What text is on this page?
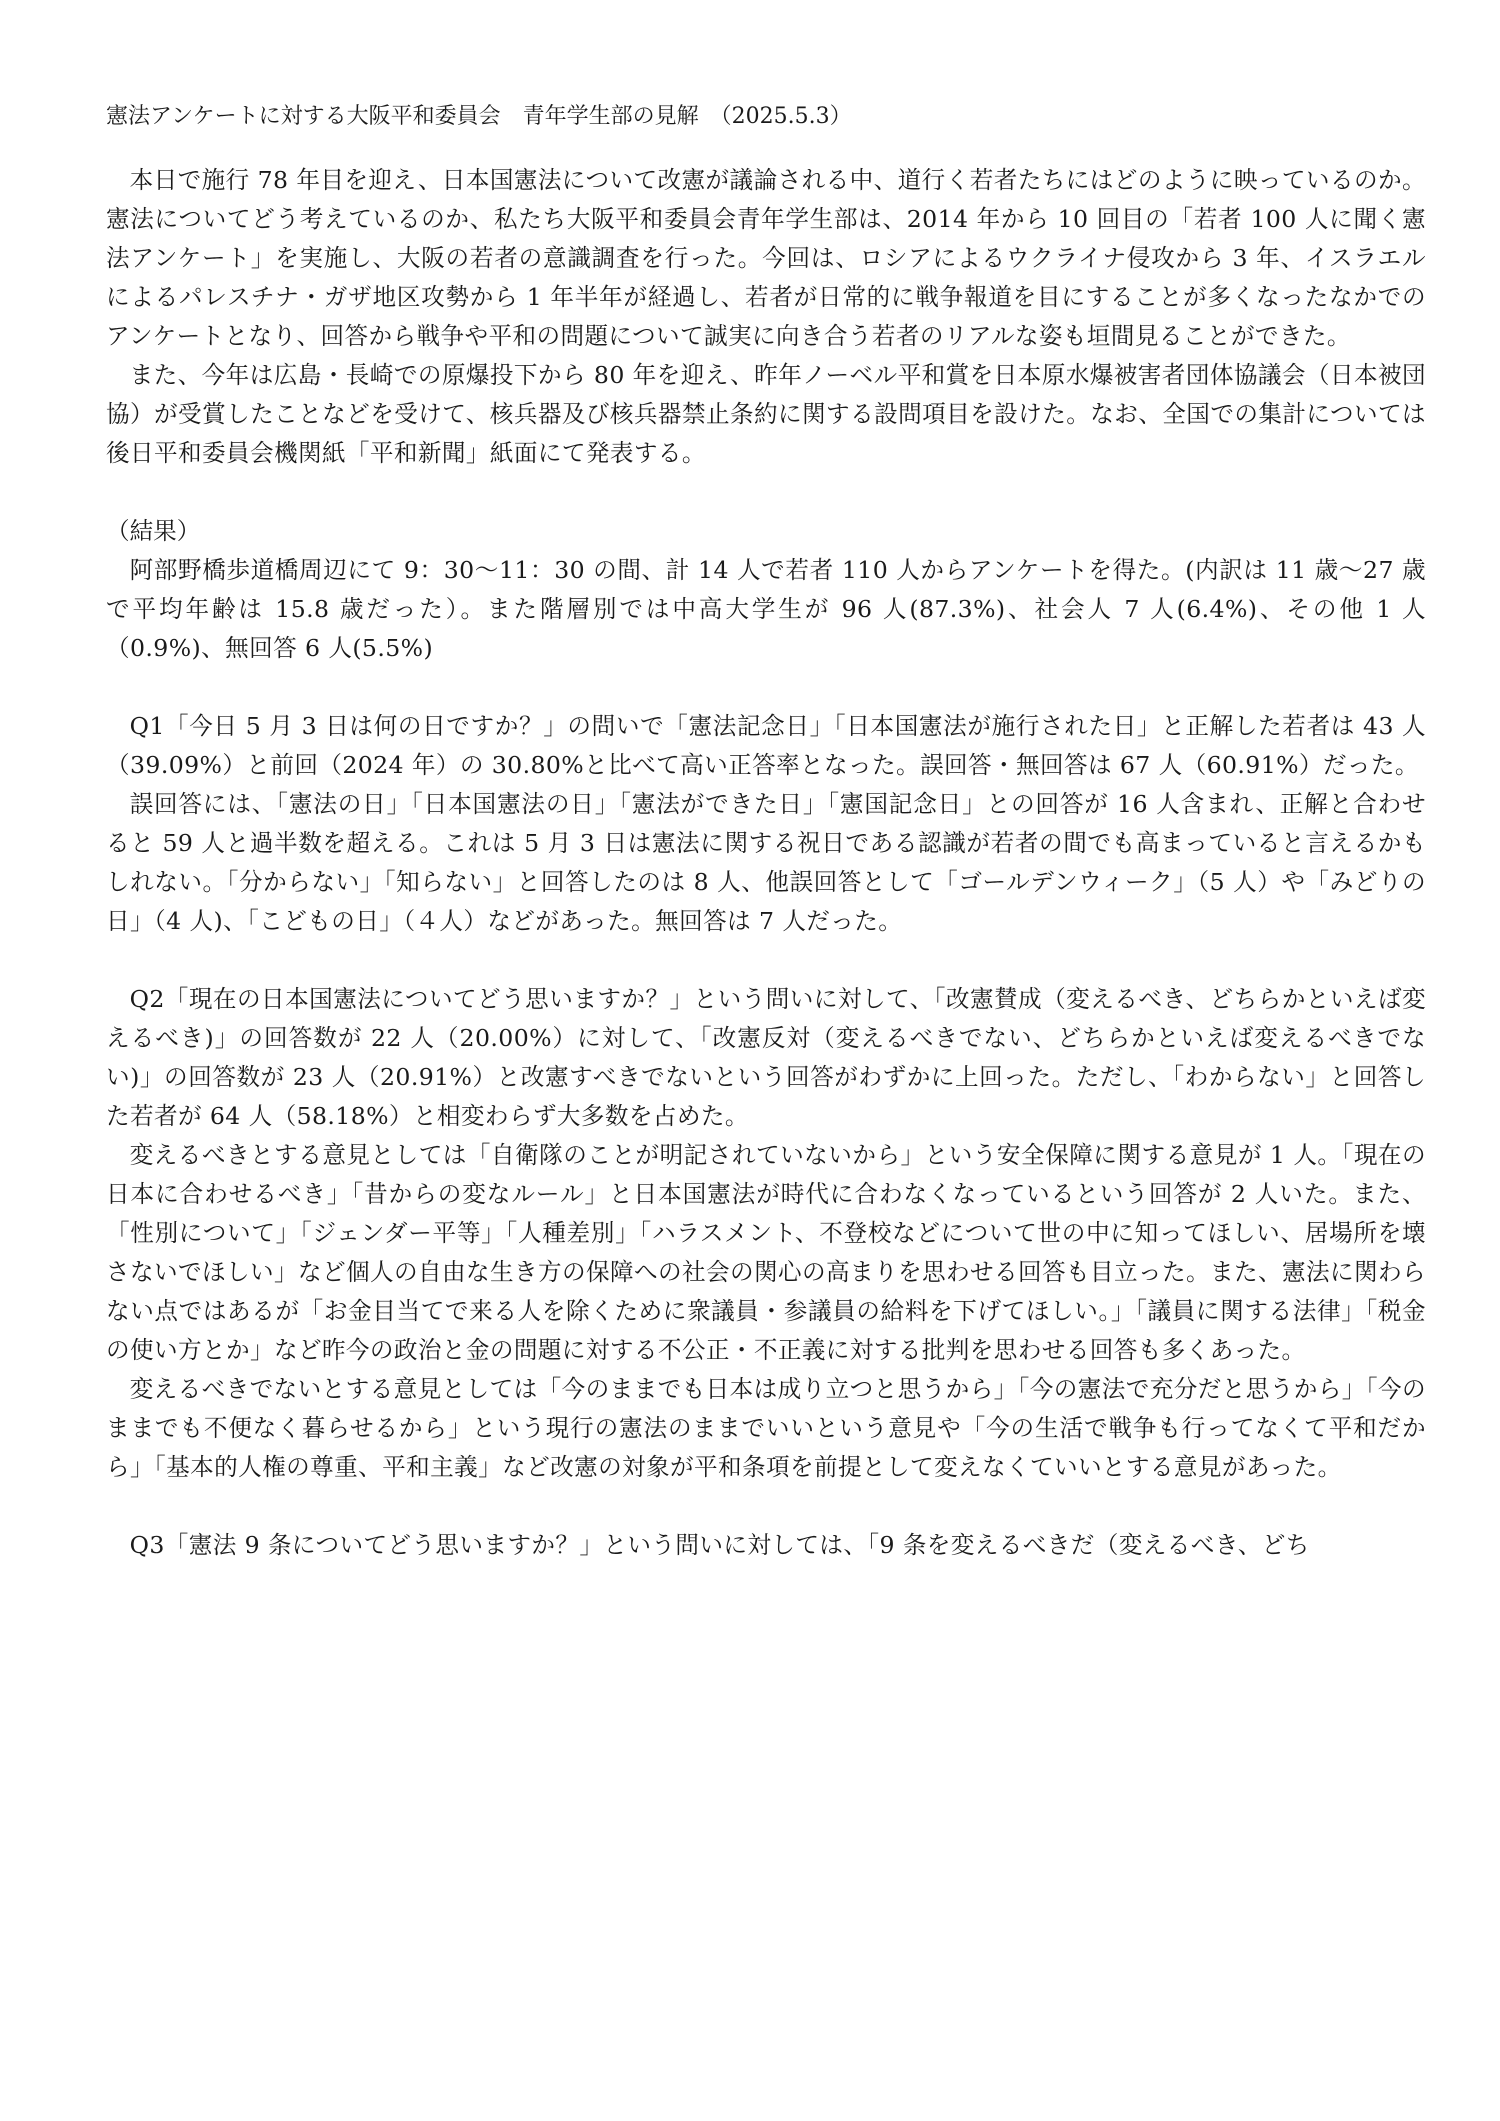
憲法アンケートに対する大阪平和委員会　青年学生部の見解　（2025.5.3）

本日で施行 78 年目を迎え、日本国憲法について改憲が議論される中、道行く若者たちにはどのように映っているのか。憲法についてどう考えているのか、私たち大阪平和委員会青年学生部は、2014 年から 10 回目の「若者 100 人に聞く憲法アンケート」を実施し、大阪の若者の意識調査を行った。今回は、ロシアによるウクライナ侵攻から 3 年、イスラエルによるパレスチナ・ガザ地区攻勢から 1 年半年が経過し、若者が日常的に戦争報道を目にすることが多くなったなかでのアンケートとなり、回答から戦争や平和の問題について誠実に向き合う若者のリアルな姿も垣間見ることができた。

また、今年は広島・長崎での原爆投下から 80 年を迎え、昨年ノーベル平和賞を日本原水爆被害者団体協議会（日本被団協）が受賞したことなどを受けて、核兵器及び核兵器禁止条約に関する設問項目を設けた。なお、全国での集計については後日平和委員会機関紙「平和新聞」紙面にて発表する。

（結果）

阿部野橋歩道橋周辺にて 9：30〜11：30 の間、計 14 人で若者 110 人からアンケートを得た。(内訳は 11 歳〜27 歳で平均年齢は 15.8 歳だった）。また階層別では中高大学生が 96 人(87.3%)、社会人 7 人(6.4%)、その他 1 人（0.9%)、無回答 6 人(5.5%)

Q1「今日 5 月 3 日は何の日ですか？」の問いで「憲法記念日」「日本国憲法が施行された日」と正解した若者は 43 人（39.09%）と前回（2024 年）の 30.80%と比べて高い正答率となった。誤回答・無回答は 67 人（60.91%）だった。

誤回答には、「憲法の日」「日本国憲法の日」「憲法ができた日」「憲国記念日」との回答が 16 人含まれ、正解と合わせると 59 人と過半数を超える。これは 5 月 3 日は憲法に関する祝日である認識が若者の間でも高まっていると言えるかもしれない。「分からない」「知らない」と回答したのは 8 人、他誤回答として「ゴールデンウィーク」（5 人）や「みどりの日」（4 人)、「こどもの日」（４人）などがあった。無回答は 7 人だった。

Q2「現在の日本国憲法についてどう思いますか？」という問いに対して、「改憲賛成（変えるべき、どちらかといえば変えるべき)」の回答数が 22 人（20.00%）に対して、「改憲反対（変えるべきでない、どちらかといえば変えるべきでない)」の回答数が 23 人（20.91%）と改憲すべきでないという回答がわずかに上回った。ただし、「わからない」と回答した若者が 64 人（58.18%）と相変わらず大多数を占めた。

変えるべきとする意見としては「自衛隊のことが明記されていないから」という安全保障に関する意見が 1 人。「現在の日本に合わせるべき」「昔からの変なルール」と日本国憲法が時代に合わなくなっているという回答が 2 人いた。また、「性別について」「ジェンダー平等」「人種差別」「ハラスメント、不登校などについて世の中に知ってほしい、居場所を壊さないでほしい」など個人の自由な生き方の保障への社会の関心の高まりを思わせる回答も目立った。また、憲法に関わらない点ではあるが「お金目当てで来る人を除くために衆議員・参議員の給料を下げてほしい。」「議員に関する法律」「税金の使い方とか」など昨今の政治と金の問題に対する不公正・不正義に対する批判を思わせる回答も多くあった。

変えるべきでないとする意見としては「今のままでも日本は成り立つと思うから」「今の憲法で充分だと思うから」「今のままでも不便なく暮らせるから」という現行の憲法のままでいいという意見や「今の生活で戦争も行ってなくて平和だから」「基本的人権の尊重、平和主義」など改憲の対象が平和条項を前提として変えなくていいとする意見があった。

Q3「憲法 9 条についてどう思いますか？」という問いに対しては、「9 条を変えるべきだ（変えるべき、どち
